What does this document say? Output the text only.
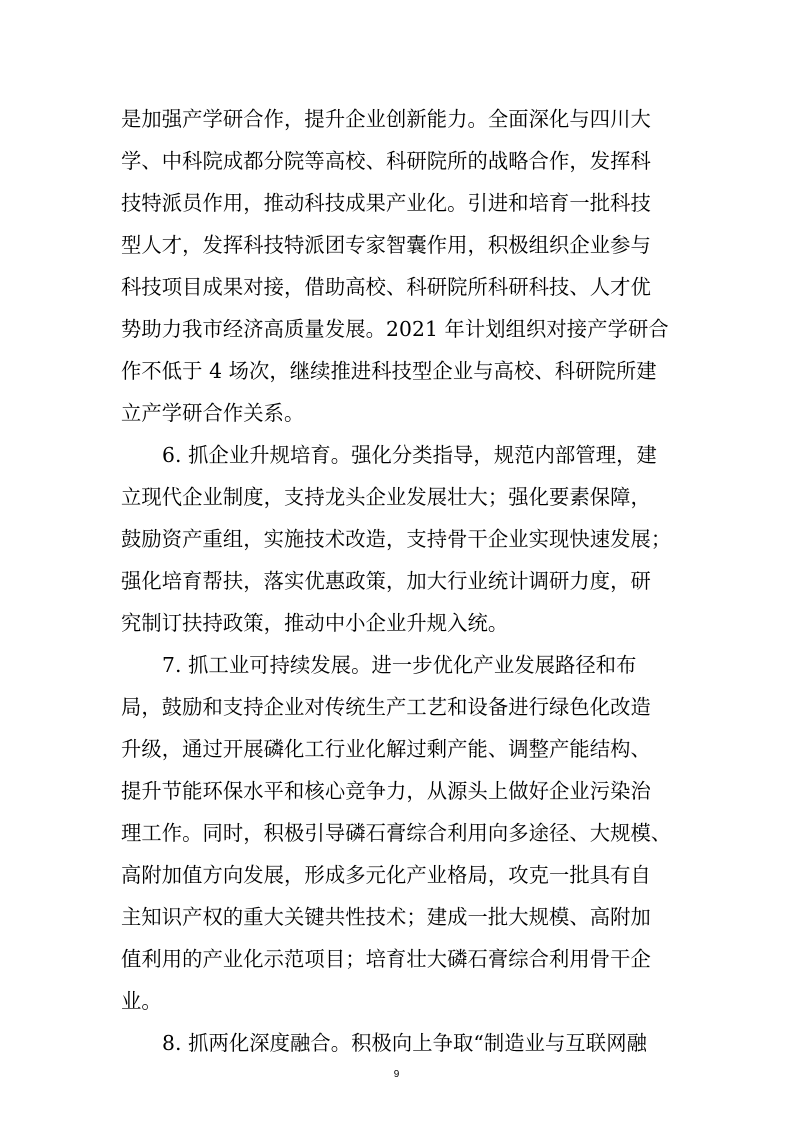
是加强产学研合作，提升企业创新能力。全面深化与四川大
学、中科院成都分院等高校、科研院所的战略合作，发挥科
技特派员作用，推动科技成果产业化。引进和培育一批科技
型人才，发挥科技特派团专家智囊作用，积极组织企业参与
科技项目成果对接，借助高校、科研院所科研科技、人才优
势助力我市经济高质量发展。2021 年计划组织对接产学研合
作不低于 4 场次，继续推进科技型企业与高校、科研院所建
立产学研合作关系。
6. 抓企业升规培育。强化分类指导，规范内部管理，建
立现代企业制度，支持龙头企业发展壮大；强化要素保障，
鼓励资产重组，实施技术改造，支持骨干企业实现快速发展；
强化培育帮扶，落实优惠政策，加大行业统计调研力度，研
究制订扶持政策，推动中小企业升规入统。
7. 抓工业可持续发展。进一步优化产业发展路径和布
局，鼓励和支持企业对传统生产工艺和设备进行绿色化改造
升级，通过开展磷化工行业化解过剩产能、调整产能结构、
提升节能环保水平和核心竞争力，从源头上做好企业污染治
理工作。同时，积极引导磷石膏综合利用向多途径、大规模、
高附加值方向发展，形成多元化产业格局，攻克一批具有自
主知识产权的重大关键共性技术；建成一批大规模、高附加
值利用的产业化示范项目；培育壮大磷石膏综合利用骨干企
业。
8. 抓两化深度融合。积极向上争取“制造业与互联网融
9
